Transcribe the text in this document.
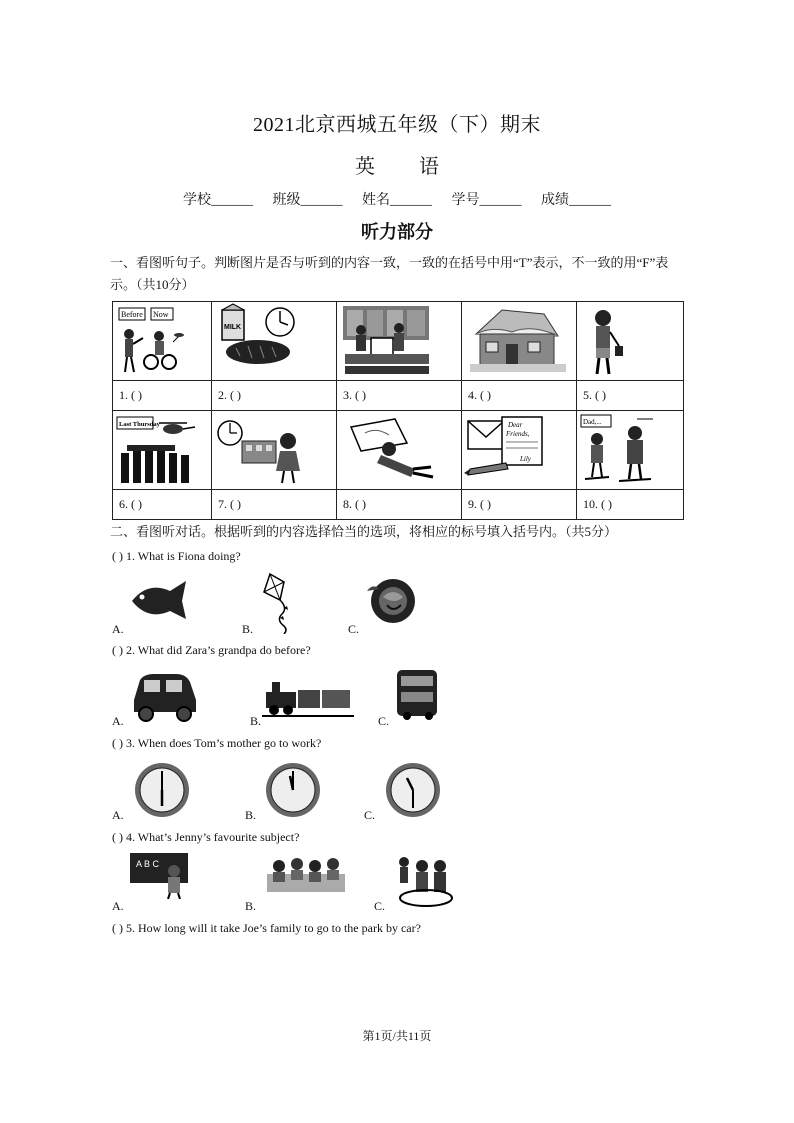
2021北京西城五年级（下）期末
英 语
学校______ 班级______ 姓名______ 学号______ 成绩______
听力部分
一、看图听句子。判断图片是否与听到的内容一致，一致的在括号中用“T”表示，不一致的用“F”表
示。（共10分）
Before Now	MILK

1. ( )	2. ( )	3. ( )	4. ( )	5. ( )

Last Thursday			Dear
Friends,
Lily	Dad,...

6. ( )	7. ( )	8. ( )	9. ( )	10. ( )
二、看图听对话。根据听到的内容选择恰当的选项，将相应的标号填入括号内。（共5分）
( ) 1. What is Fiona doing?
A.	B.	C.
( ) 2. What did Zara’s grandpa do before?
A.	B.	C.
( ) 3. When does Tom’s mother go to work?
A.	B.	C.
( ) 4. What’s Jenny’s favourite subject?
A B C
A.	B.	C.
( ) 5. How long will it take Joe’s family to go to the park by car?
第1页/共11页
